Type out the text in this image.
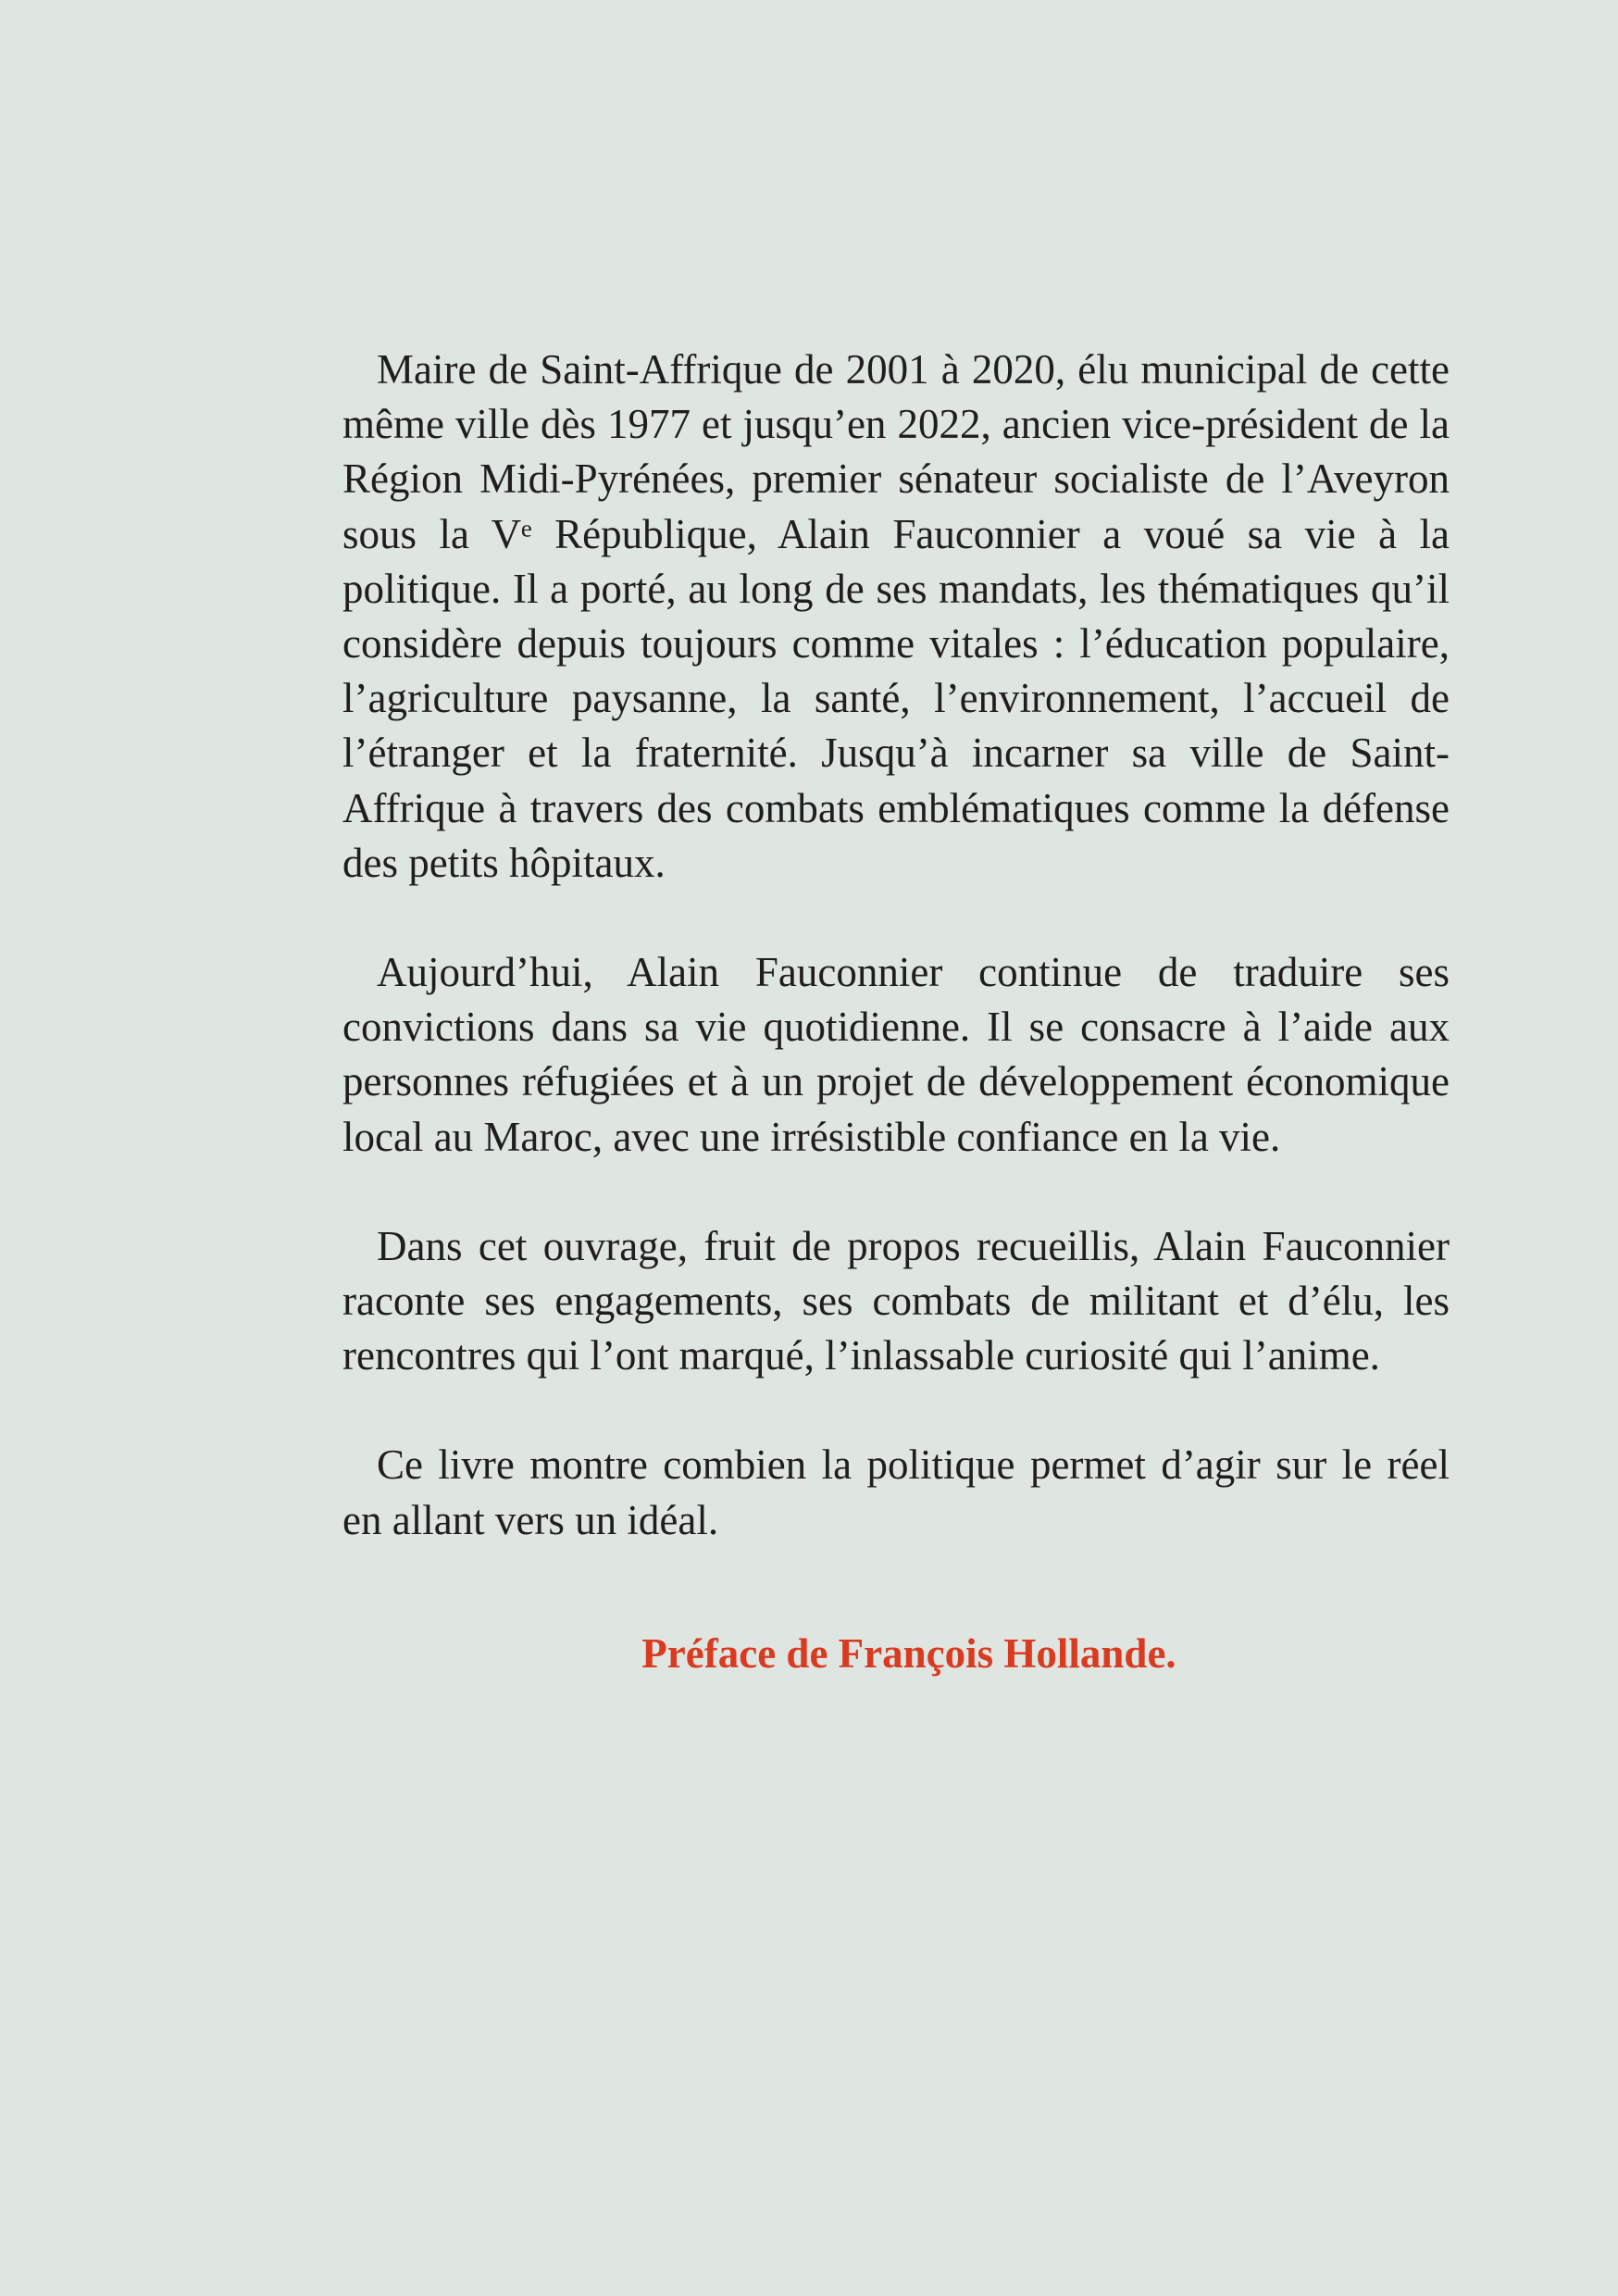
Maire de Saint-Affrique de 2001 à 2020, élu municipal de cette même ville dès 1977 et jusqu’en 2022, ancien vice-président de la Région Midi-Pyrénées, premier sénateur socialiste de l’Aveyron sous la Vᵉ République, Alain Fauconnier a voué sa vie à la politique. Il a porté, au long de ses mandats, les thématiques qu’il considère depuis toujours comme vitales : l’éducation populaire, l’agriculture paysanne, la santé, l’environnement, l’accueil de l’étranger et la fraternité. Jusqu’à incarner sa ville de Saint-Affrique à travers des combats emblématiques comme la défense des petits hôpitaux.

Aujourd’hui, Alain Fauconnier continue de traduire ses convictions dans sa vie quotidienne. Il se consacre à l’aide aux personnes réfugiées et à un projet de développement économique local au Maroc, avec une irrésistible confiance en la vie.

Dans cet ouvrage, fruit de propos recueillis, Alain Fauconnier raconte ses engagements, ses combats de militant et d’élu, les rencontres qui l’ont marqué, l’inlassable curiosité qui l’anime.

Ce livre montre combien la politique permet d’agir sur le réel en allant vers un idéal.

Préface de François Hollande.
